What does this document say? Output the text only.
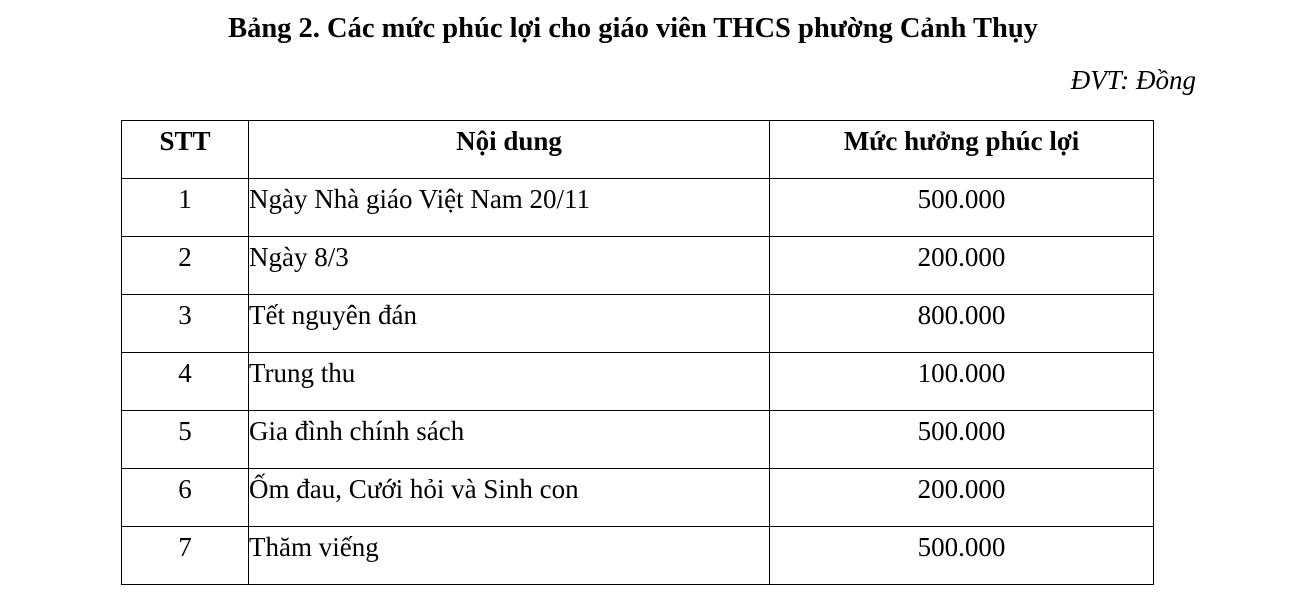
Bảng 2. Các mức phúc lợi cho giáo viên THCS phường Cảnh Thụy
ĐVT: Đồng
STT	Nội dung	Mức hưởng phúc lợi
1	Ngày Nhà giáo Việt Nam 20/11	500.000
2	Ngày 8/3	200.000
3	Tết nguyên đán	800.000
4	Trung thu	100.000
5	Gia đình chính sách	500.000
6	Ốm đau, Cưới hỏi và Sinh con	200.000
7	Thăm viếng	500.000
